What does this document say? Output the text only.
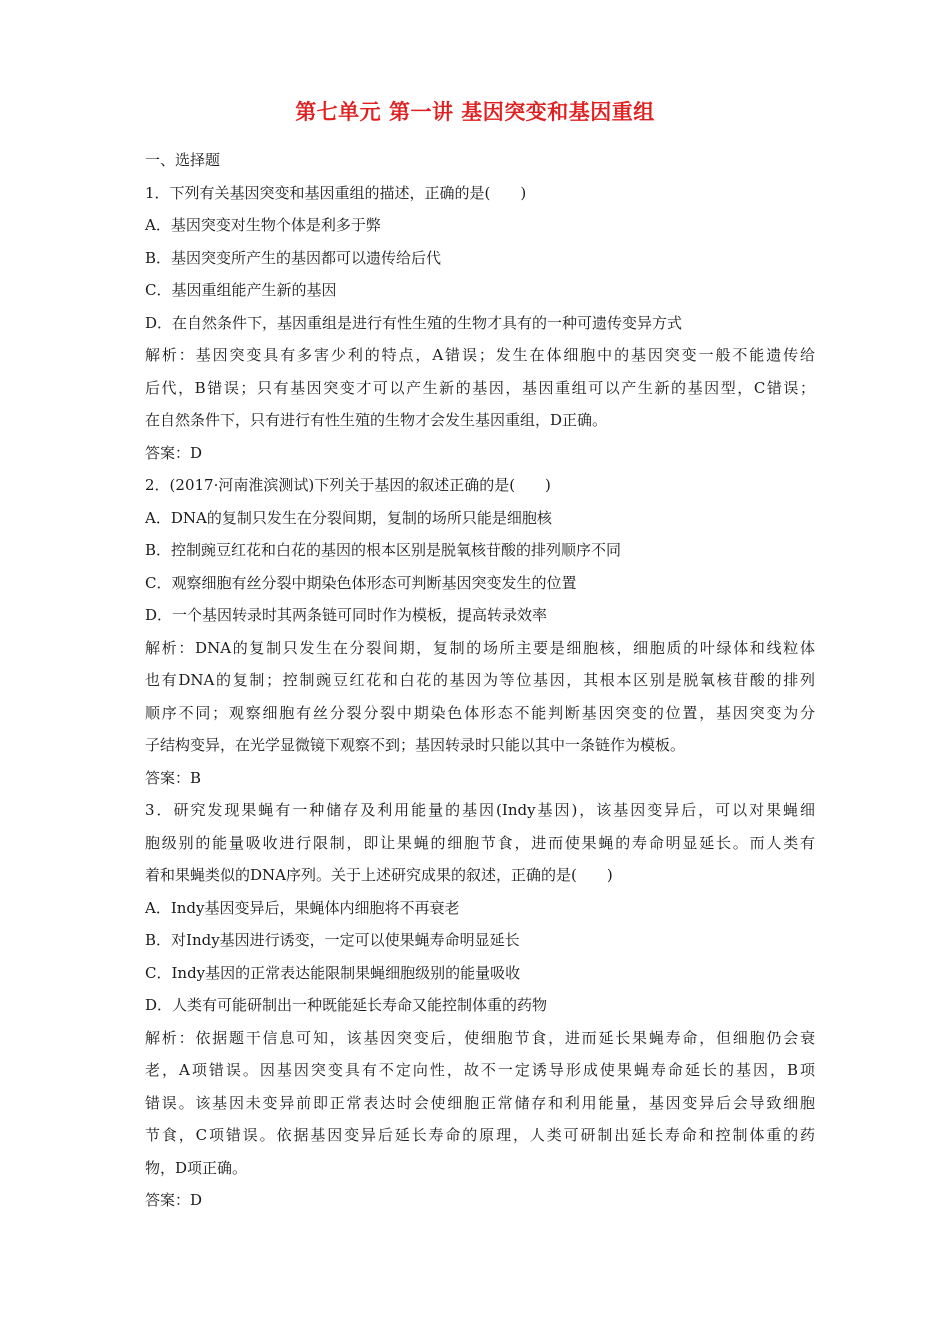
第七单元 第一讲 基因突变和基因重组
一、选择题
1．下列有关基因突变和基因重组的描述，正确的是(　　)
A．基因突变对生物个体是利多于弊
B．基因突变所产生的基因都可以遗传给后代
C．基因重组能产生新的基因
D．在自然条件下，基因重组是进行有性生殖的生物才具有的一种可遗传变异方式
解析：基因突变具有多害少利的特点，A错误；发生在体细胞中的基因突变一般不能遗传给
后代，B错误；只有基因突变才可以产生新的基因，基因重组可以产生新的基因型，C错误；
在自然条件下，只有进行有性生殖的生物才会发生基因重组，D正确。
答案：D
2．(2017·河南淮滨测试)下列关于基因的叙述正确的是(　　)
A．DNA的复制只发生在分裂间期，复制的场所只能是细胞核
B．控制豌豆红花和白花的基因的根本区别是脱氧核苷酸的排列顺序不同
C．观察细胞有丝分裂中期染色体形态可判断基因突变发生的位置
D．一个基因转录时其两条链可同时作为模板，提高转录效率
解析：DNA的复制只发生在分裂间期，复制的场所主要是细胞核，细胞质的叶绿体和线粒体
也有DNA的复制；控制豌豆红花和白花的基因为等位基因，其根本区别是脱氧核苷酸的排列
顺序不同；观察细胞有丝分裂分裂中期染色体形态不能判断基因突变的位置，基因突变为分
子结构变异，在光学显微镜下观察不到；基因转录时只能以其中一条链作为模板。
答案：B
3．研究发现果蝇有一种储存及利用能量的基因(Indy基因)，该基因变异后，可以对果蝇细
胞级别的能量吸收进行限制，即让果蝇的细胞节食，进而使果蝇的寿命明显延长。而人类有
着和果蝇类似的DNA序列。关于上述研究成果的叙述，正确的是(　　)
A．Indy基因变异后，果蝇体内细胞将不再衰老
B．对Indy基因进行诱变，一定可以使果蝇寿命明显延长
C．Indy基因的正常表达能限制果蝇细胞级别的能量吸收
D．人类有可能研制出一种既能延长寿命又能控制体重的药物
解析：依据题干信息可知，该基因突变后，使细胞节食，进而延长果蝇寿命，但细胞仍会衰
老，A项错误。因基因突变具有不定向性，故不一定诱导形成使果蝇寿命延长的基因，B项
错误。该基因未变异前即正常表达时会使细胞正常储存和利用能量，基因变异后会导致细胞
节食，C项错误。依据基因变异后延长寿命的原理，人类可研制出延长寿命和控制体重的药
物，D项正确。
答案：D
